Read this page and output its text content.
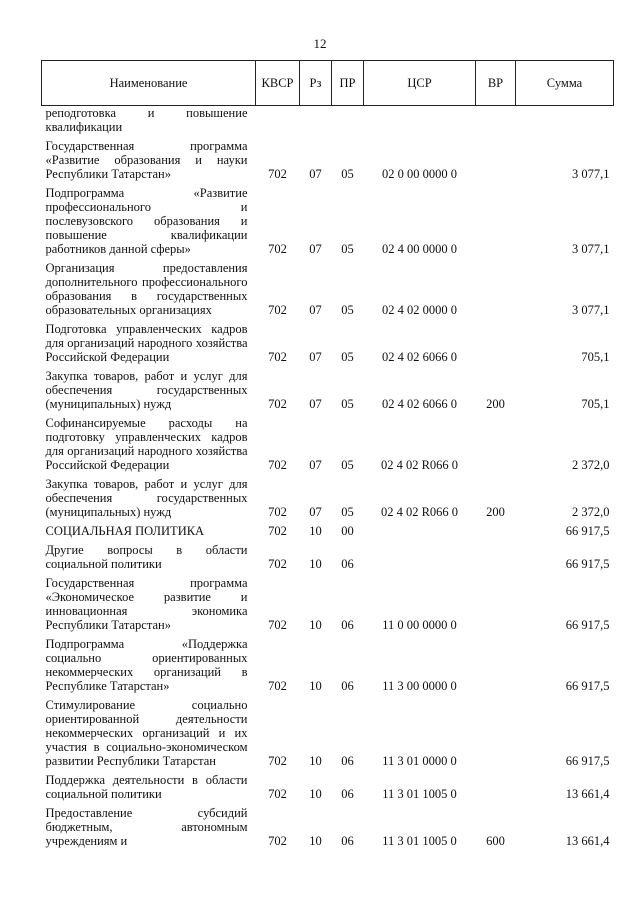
12
Наименование	КВСР	Рз	ПР	ЦСР	ВР	Сумма
реподготовка и повышение квалификации						
Государственная программа «Развитие образования и науки Республики Татарстан»	702	07	05	02 0 00 0000 0		3 077,1
Подпрограмма «Развитие профессионального и послевузовского образования и повышение квалификации работников данной сферы»	702	07	05	02 4 00 0000 0		3 077,1
Организация предоставления дополнительного профессионального образования в государственных образовательных организациях	702	07	05	02 4 02 0000 0		3 077,1
Подготовка управленческих кадров для организаций народного хозяйства Российской Федерации	702	07	05	02 4 02 6066 0		705,1
Закупка товаров, работ и услуг для обеспечения государственных (муниципальных) нужд	702	07	05	02 4 02 6066 0	200	705,1
Софинансируемые расходы на подготовку управленческих кадров для организаций народного хозяйства Российской Федерации	702	07	05	02 4 02 R066 0		2 372,0
Закупка товаров, работ и услуг для обеспечения государственных (муниципальных) нужд	702	07	05	02 4 02 R066 0	200	2 372,0
СОЦИАЛЬНАЯ ПОЛИТИКА	702	10	00			66 917,5
Другие вопросы в области социальной политики	702	10	06			66 917,5
Государственная программа «Экономическое развитие и инновационная экономика Республики Татарстан»	702	10	06	11 0 00 0000 0		66 917,5
Подпрограмма «Поддержка социально ориентированных некоммерческих организаций в Республике Татарстан»	702	10	06	11 3 00 0000 0		66 917,5
Стимулирование социально ориентированной деятельности некоммерческих организаций и их участия в социально-экономическом развитии Республики Татарстан	702	10	06	11 3 01 0000 0		66 917,5
Поддержка деятельности в области социальной политики	702	10	06	11 3 01 1005 0		13 661,4
Предоставление субсидий бюджетным, автономным учреждениям и	702	10	06	11 3 01 1005 0	600	13 661,4
